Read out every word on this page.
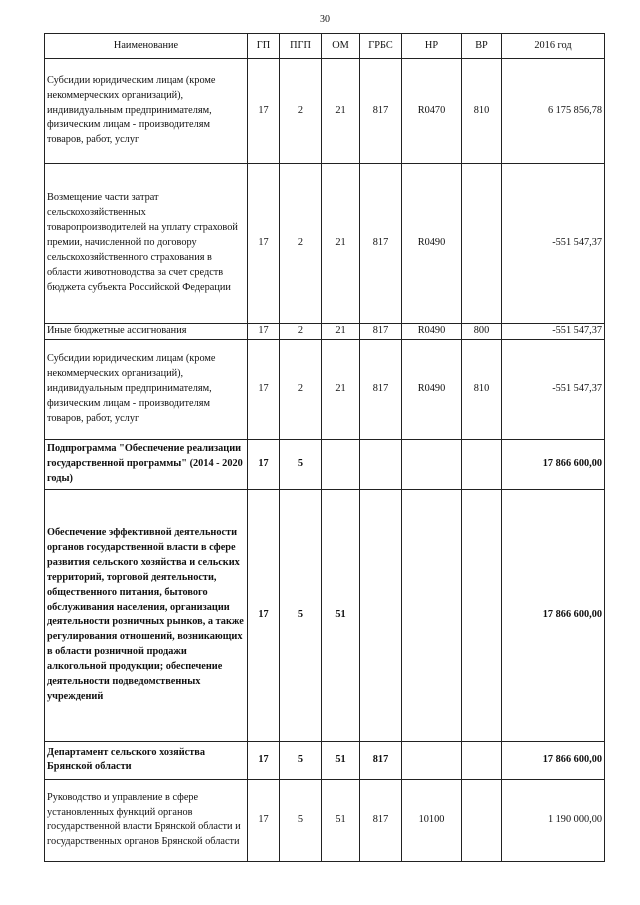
30
Наименование	ГП	ПГП	ОМ	ГРБС	НР	ВР	2016 год
Субсидии юридическим лицам (кроме некоммерческих организаций), индивидуальным предпринимателям, физическим лицам - производителям товаров, работ, услуг	17	2	21	817	R0470	810	6 175 856,78
Возмещение части затрат сельскохозяйственных товаропроизводителей на уплату страховой премии, начисленной по договору сельскохозяйственного страхования в области животноводства за счет средств бюджета субъекта Российской Федерации	17	2	21	817	R0490		-551 547,37
Иные бюджетные ассигнования	17	2	21	817	R0490	800	-551 547,37
Субсидии юридическим лицам (кроме некоммерческих организаций), индивидуальным предпринимателям, физическим лицам - производителям товаров, работ, услуг	17	2	21	817	R0490	810	-551 547,37
Подпрограмма "Обеспечение реализации государственной программы" (2014 - 2020 годы)	17	5					17 866 600,00
Обеспечение эффективной деятельности органов государственной власти в сфере развития сельского хозяйства и сельских территорий, торговой деятельности, общественного питания, бытового обслуживания населения, организации деятельности розничных рынков, а также регулирования отношений, возникающих в области розничной продажи алкогольной продукции; обеспечение деятельности подведомственных учреждений	17	5	51				17 866 600,00
Департамент сельского хозяйства Брянской области	17	5	51	817			17 866 600,00
Руководство и управление в сфере установленных функций органов государственной власти Брянской области и государственных органов Брянской области	17	5	51	817	10100		1 190 000,00
